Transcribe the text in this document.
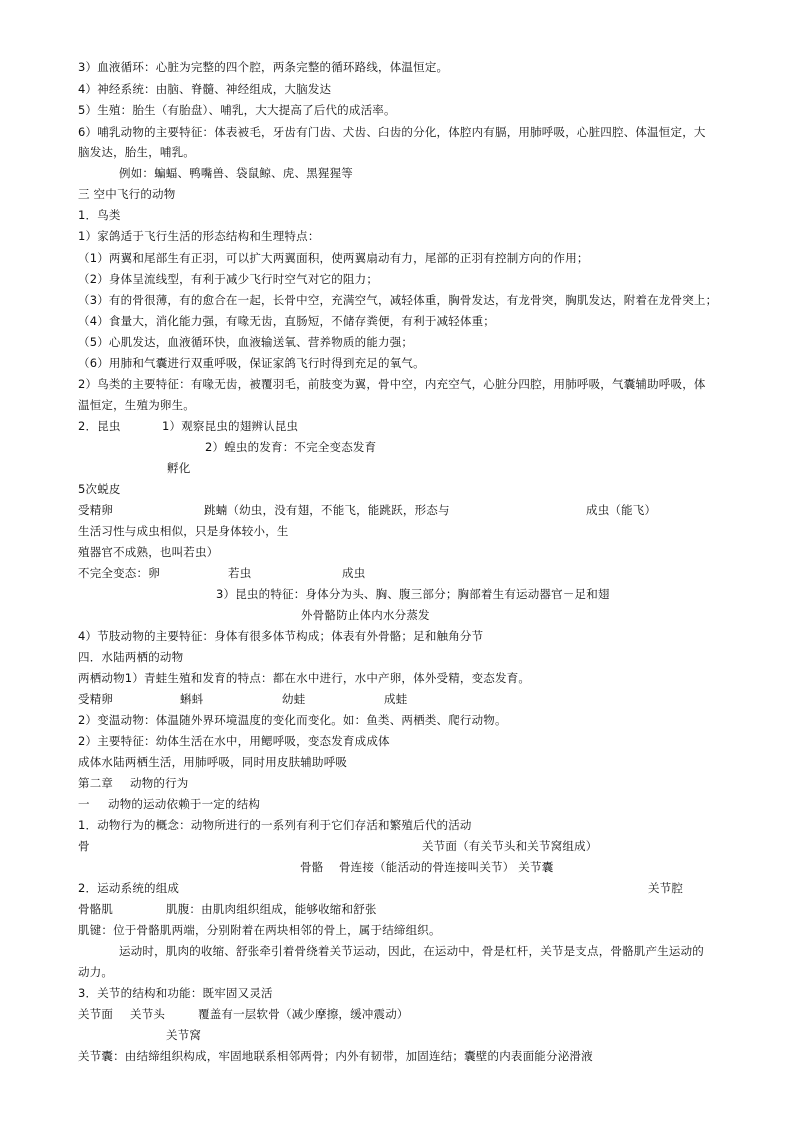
3）血液循环：心脏为完整的四个腔，两条完整的循环路线，体温恒定。
4）神经系统：由脑、脊髓、神经组成，大脑发达
5）生殖：胎生（有胎盘）、哺乳，大大提高了后代的成活率。
6）哺乳动物的主要特征：体表被毛，牙齿有门齿、犬齿、臼齿的分化，体腔内有膈，用肺呼吸，心脏四腔、体温恒定，大
脑发达，胎生，哺乳。
例如：蝙蝠、鸭嘴兽、袋鼠鲸、虎、黑猩猩等
三 空中飞行的动物
1．鸟类
1）家鸽适于飞行生活的形态结构和生理特点：
（1）两翼和尾部生有正羽，可以扩大两翼面积，使两翼扇动有力，尾部的正羽有控制方向的作用；
（2）身体呈流线型，有利于减少飞行时空气对它的阻力；
（3）有的骨很薄，有的愈合在一起，长骨中空，充满空气，减轻体重，胸骨发达，有龙骨突，胸肌发达，附着在龙骨突上；
（4）食量大，消化能力强，有喙无齿，直肠短，不储存粪便，有利于减轻体重；
（5）心肌发达，血液循环快，血液输送氧、营养物质的能力强；
（6）用肺和气囊进行双重呼吸，保证家鸽飞行时得到充足的氧气。
2）鸟类的主要特征：有喙无齿，被覆羽毛，前肢变为翼，骨中空，内充空气，心脏分四腔，用肺呼吸，气囊辅助呼吸，体
温恒定，生殖为卵生。
2．昆虫	1）观察昆虫的翅辨认昆虫
2）蝗虫的发育：不完全变态发育
孵化
5次蜕皮
受精卵	跳蝻（幼虫，没有翅，不能飞，能跳跃，形态与	成虫（能飞）
生活习性与成虫相似，只是身体较小，生
殖器官不成熟，也叫若虫）
不完全变态：卵	若虫	成虫
3）昆虫的特征：身体分为头、胸、腹三部分；胸部着生有运动器官－足和翅
外骨骼防止体内水分蒸发
4）节肢动物的主要特征：身体有很多体节构成；体表有外骨骼；足和触角分节
四．水陆两栖的动物
两栖动物1）青蛙生殖和发育的特点：都在水中进行，水中产卵，体外受精，变态发育。
受精卵	蝌蚪	幼蛙	成蛙
2）变温动物：体温随外界环境温度的变化而变化。如：鱼类、两栖类、爬行动物。
2）主要特征：幼体生活在水中，用鳃呼吸，变态发育成成体
成体水陆两栖生活，用肺呼吸，同时用皮肤辅助呼吸
第二章 动物的行为
一 动物的运动依赖于一定的结构
1．动物行为的概念：动物所进行的一系列有利于它们存活和繁殖后代的活动
骨	关节面（有关节头和关节窝组成）
骨骼　 骨连接（能活动的骨连接叫关节） 关节囊
2．运动系统的组成	关节腔
骨骼肌	肌腹：由肌肉组织组成，能够收缩和舒张
肌键：位于骨骼肌两端，分别附着在两块相邻的骨上，属于结缔组织。
运动时，肌肉的收缩、舒张牵引着骨绕着关节运动，因此，在运动中，骨是杠杆，关节是支点，骨骼肌产生运动的
动力。
3．关节的结构和功能：既牢固又灵活
关节面 关节头	覆盖有一层软骨（减少摩擦，缓冲震动）
关节窝
关节囊：由结缔组织构成，牢固地联系相邻两骨；内外有韧带，加固连结；囊壁的内表面能分泌滑液
